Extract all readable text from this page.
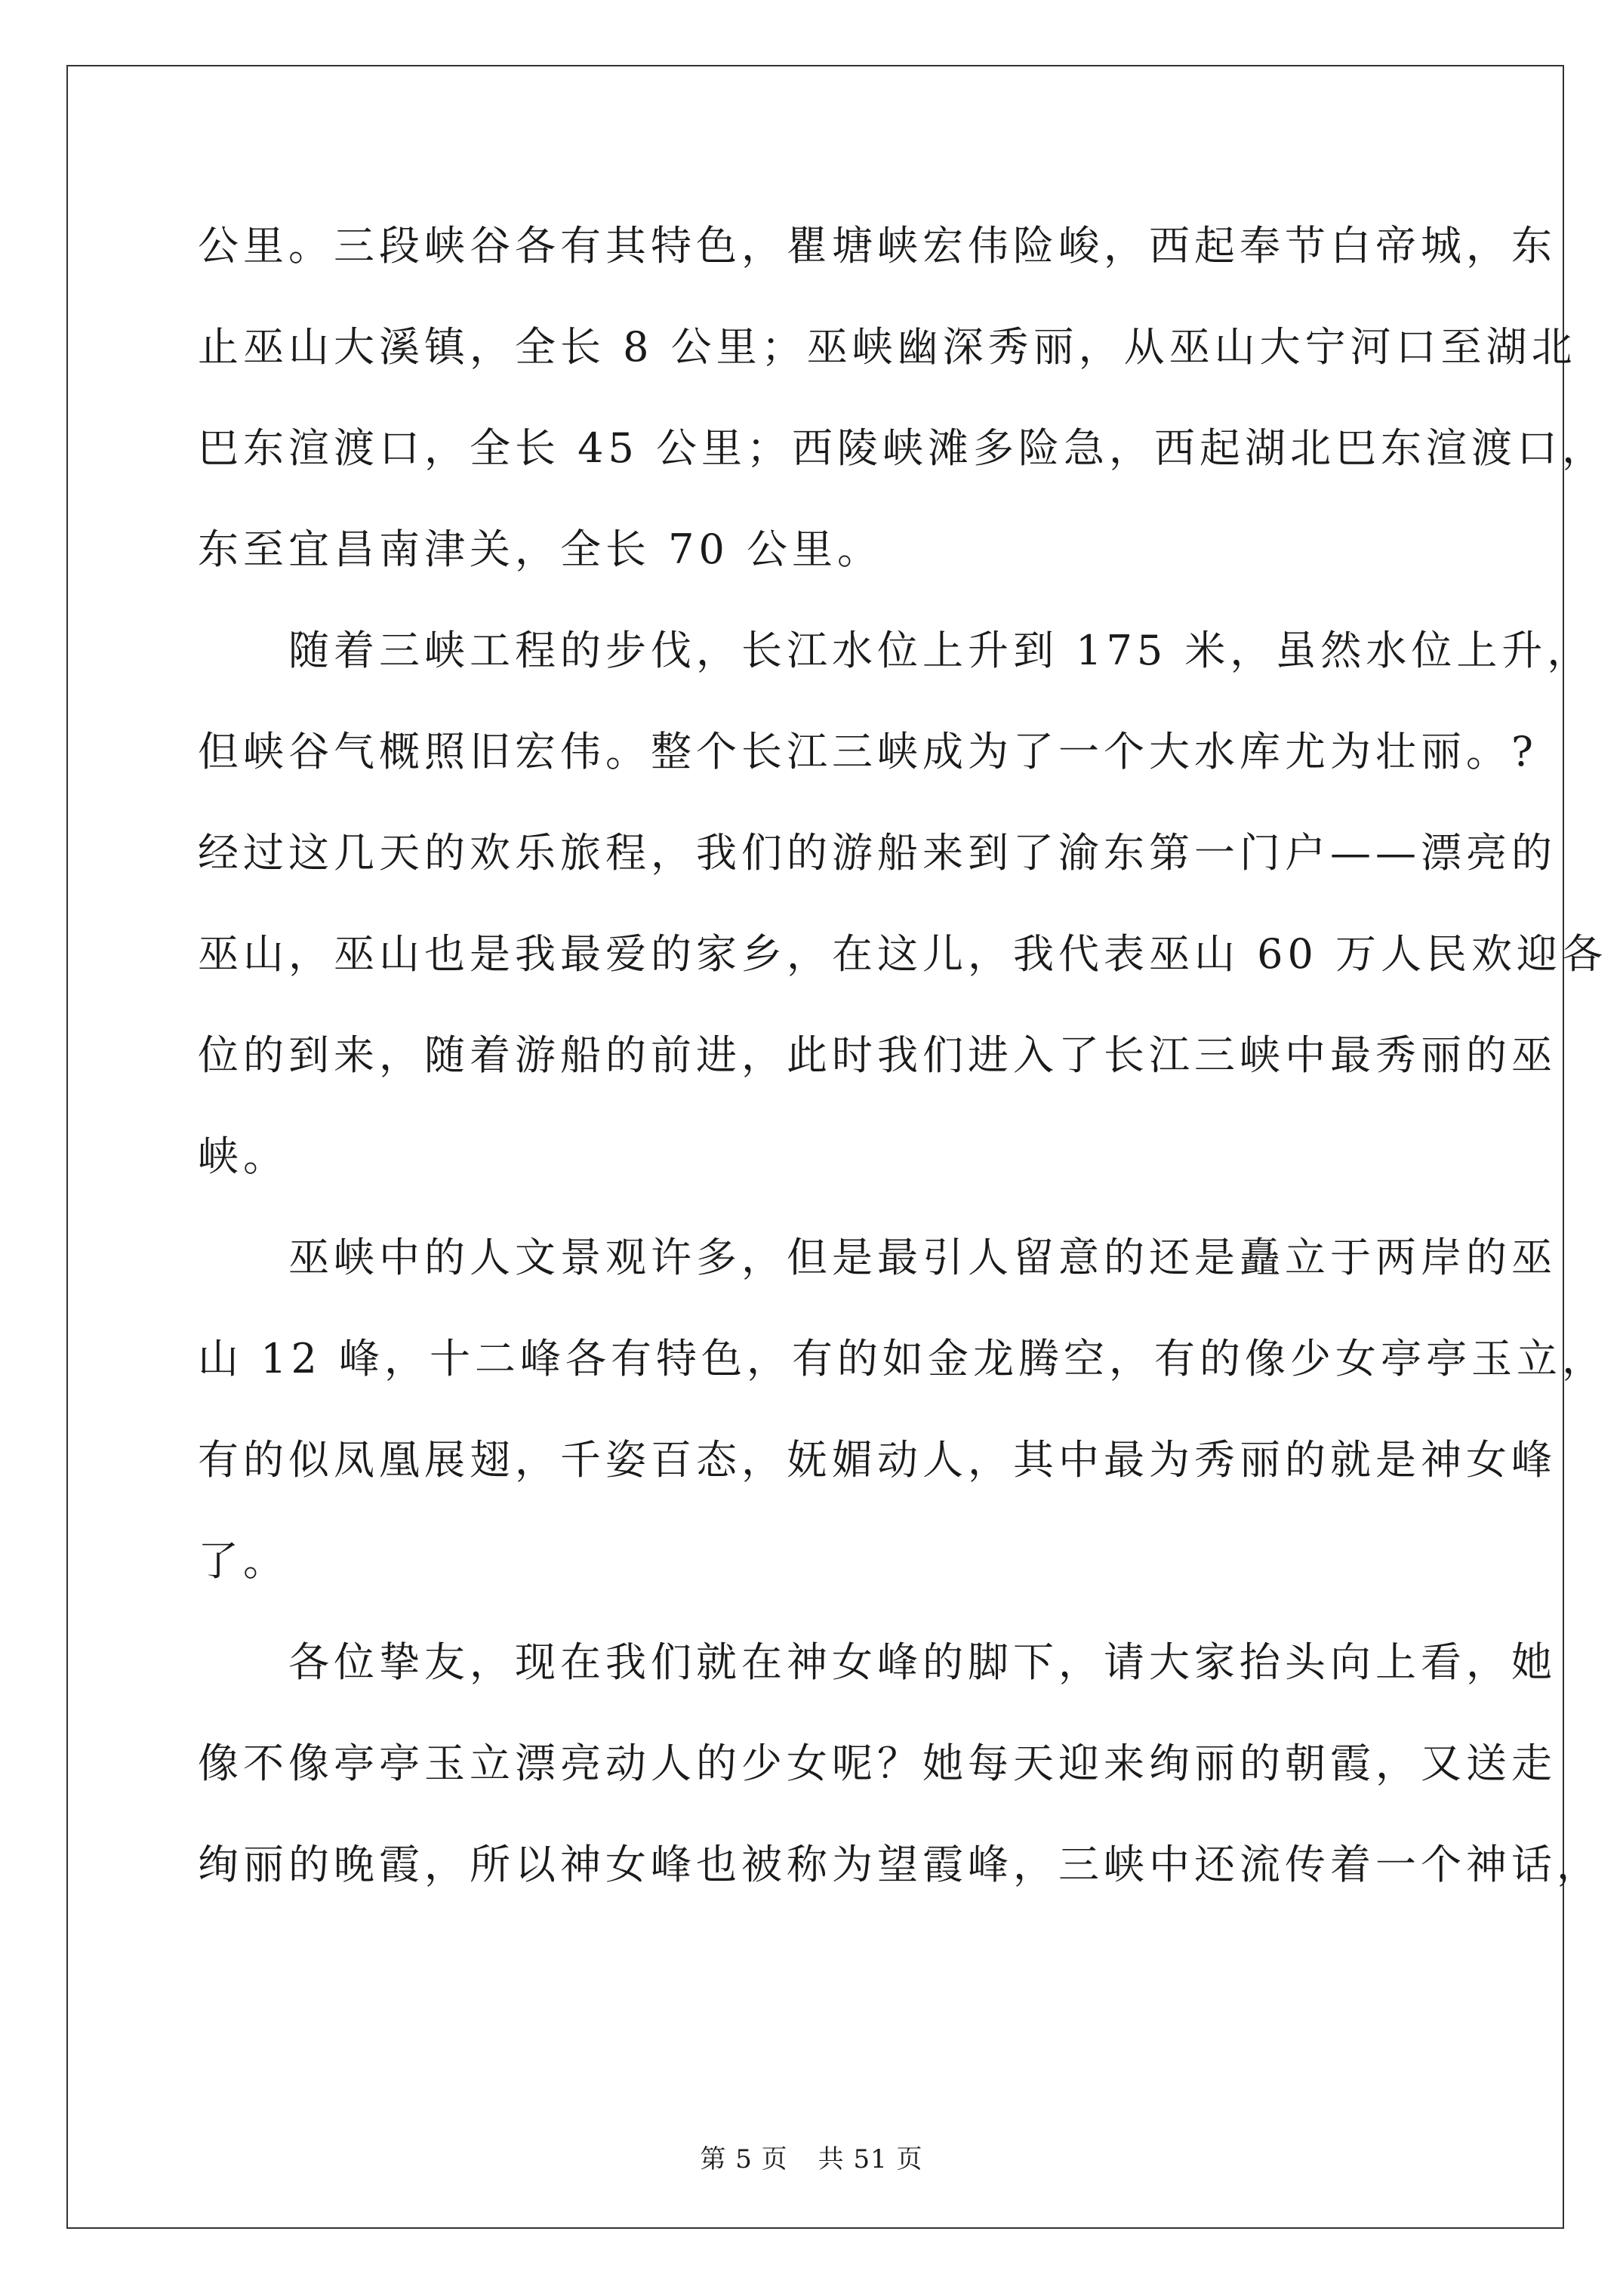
公里。三段峡谷各有其特色，瞿塘峡宏伟险峻，西起奉节白帝城，东
止巫山大溪镇，全长 8 公里；巫峡幽深秀丽，从巫山大宁河口至湖北
巴东渲渡口，全长 45 公里；西陵峡滩多险急，西起湖北巴东渲渡口，
东至宜昌南津关，全长 70 公里。
　　随着三峡工程的步伐，长江水位上升到 175 米，虽然水位上升，
但峡谷气概照旧宏伟。整个长江三峡成为了一个大水库尤为壮丽。?
经过这几天的欢乐旅程，我们的游船来到了渝东第一门户——漂亮的
巫山，巫山也是我最爱的家乡，在这儿，我代表巫山 60 万人民欢迎各
位的到来，随着游船的前进，此时我们进入了长江三峡中最秀丽的巫
峡。
　　巫峡中的人文景观许多，但是最引人留意的还是矗立于两岸的巫
山 12 峰，十二峰各有特色，有的如金龙腾空，有的像少女亭亭玉立，
有的似凤凰展翅，千姿百态，妩媚动人，其中最为秀丽的就是神女峰
了。
　　各位挚友，现在我们就在神女峰的脚下，请大家抬头向上看，她
像不像亭亭玉立漂亮动人的少女呢？她每天迎来绚丽的朝霞，又送走
绚丽的晚霞，所以神女峰也被称为望霞峰，三峡中还流传着一个神话，
第 5 页 共 51 页
